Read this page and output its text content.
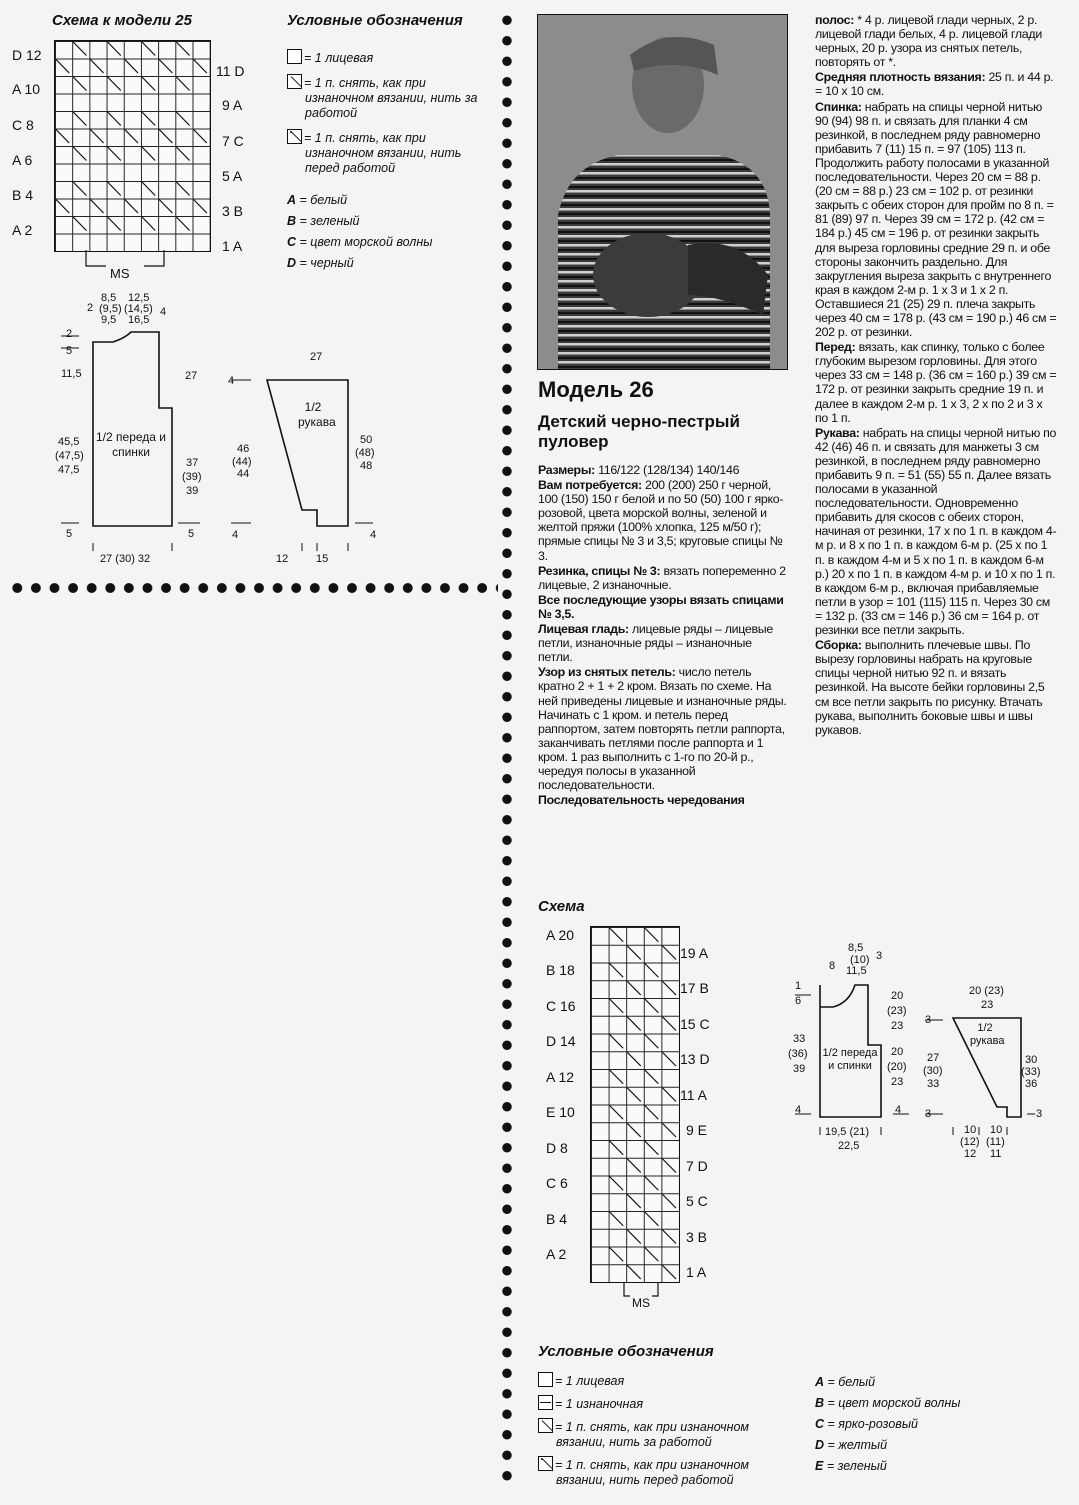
Схема к модели 25
D 12
A 10
C 8
A 6
B 4
A 2
11 D
9 A
7 C
5 A
3 B
1 A
MS
Условные обозначения
= 1 лицевая
= 1 п. снять, как при изнаночном вязании, нить за работой
= 1 п. снять, как при изнаночном вязании, нить перед работой
A = белый
B = зеленый
C = цвет морской волны
D = черный
2
8,5
(9,5)
9,5
12,5
(14,5)
16,5
4
2
5
11,5
45,5
(47,5)
47,5
5
1/2 переда и спинки
27
37
(39)
39
5
27 (30) 32
1/2 рукава
27
4
46
(44)
44
4
50
(48)
48
4
12	15
Модель 26
Детский черно-пестрый пуловер

Размеры: 116/122 (128/134) 140/146

Вам потребуется: 200 (200) 250 г черной, 100 (150) 150 г белой и по 50 (50) 100 г ярко-розовой, цвета морской волны, зеленой и желтой пряжи (100% хлопка, 125 м/50 г); прямые спицы № 3 и 3,5; круговые спицы № 3.

Резинка, спицы № 3: вязать попеременно 2 лицевые, 2 изнаночные.

Все последующие узоры вязать спицами № 3,5.

Лицевая гладь: лицевые ряды – лицевые петли, изнаночные ряды – изнаночные петли.

Узор из снятых петель: число петель кратно 2 + 1 + 2 кром. Вязать по схеме. На ней приведены лицевые и изнаночные ряды. Начинать с 1 кром. и петель перед раппортом, затем повторять петли раппорта, заканчивать петлями после раппорта и 1 кром. 1 раз выполнить с 1-го по 20-й р., чередуя полосы в указанной последовательности.

Последовательность чередования

полос: * 4 р. лицевой глади черных, 2 р. лицевой глади белых, 4 р. лицевой глади черных, 20 р. узора из снятых петель, повторять от *.

Средняя плотность вязания: 25 п. и 44 р. = 10 x 10 см.

Спинка: набрать на спицы черной нитью 90 (94) 98 п. и связать для планки 4 см резинкой, в последнем ряду равномерно прибавить 7 (11) 15 п. = 97 (105) 113 п. Продолжить работу полосами в указанной последовательности. Через 20 см = 88 р. (20 см = 88 р.) 23 см = 102 р. от резинки закрыть с обеих сторон для пройм по 8 п. = 81 (89) 97 п. Через 39 см = 172 р. (42 см = 184 р.) 45 см = 196 р. от резинки закрыть для выреза горловины средние 29 п. и обе стороны закончить раздельно. Для закругления выреза закрыть с внутреннего края в каждом 2-м р. 1 x 3 и 1 x 2 п. Оставшиеся 21 (25) 29 п. плеча закрыть через 40 см = 178 р. (43 см = 190 р.) 46 см = 202 р. от резинки.

Перед: вязать, как спинку, только с более глубоким вырезом горловины. Для этого через 33 см = 148 р. (36 см = 160 р.) 39 см = 172 р. от резинки закрыть средние 19 п. и далее в каждом 2-м р. 1 x 3, 2 x по 2 и 3 x по 1 п.

Рукава: набрать на спицы черной нитью по 42 (46) 46 п. и связать для манжеты 3 см резинкой, в последнем ряду равномерно прибавить 9 п. = 51 (55) 55 п. Далее вязать полосами в указанной последовательности. Одновременно прибавить для скосов с обеих сторон, начиная от резинки, 17 x по 1 п. в каждом 4-м р. и 8 x по 1 п. в каждом 6-м р. (25 x по 1 п. в каждом 4-м и 5 x по 1 п. в каждом 6-м р.) 20 x по 1 п. в каждом 4-м р. и 10 x по 1 п. в каждом 6-м р., включая прибавляемые петли в узор = 101 (115) 115 п. Через 30 см = 132 р. (33 см = 146 р.) 36 см = 164 р. от резинки все петли закрыть.

Сборка: выполнить плечевые швы. По вырезу горловины набрать на круговые спицы черной нитью 92 п. и вязать резинкой. На высоте бейки горловины 2,5 см все петли закрыть по рисунку. Втачать рукава, выполнить боковые швы и швы рукавов.

Схема
A 20
B 18
C 16
D 14
A 12
E 10
D 8
C 6
B 4
A 2
19 A
17 B
15 C
13 D
11 A
9 E
7 D
5 C
3 B
1 A
MS
8
8,5
(10)
11,5
3
1
6
33
(36)
39
4
1/2 переда и спинки
20
(23)
23
20
(20)
23
4
19,5 (21)
22,5
20 (23)
23
1/2 рукава
3
27
(30)
33
3
30
(33)
36
3
10
(12)
12
10
(11)
11
Условные обозначения
= 1 лицевая
= 1 изнаночная
= 1 п. снять, как при изнаночном вязании, нить за работой
= 1 п. снять, как при изнаночном вязании, нить перед работой
A = белый
B = цвет морской волны
C = ярко-розовый
D = желтый
E = зеленый
